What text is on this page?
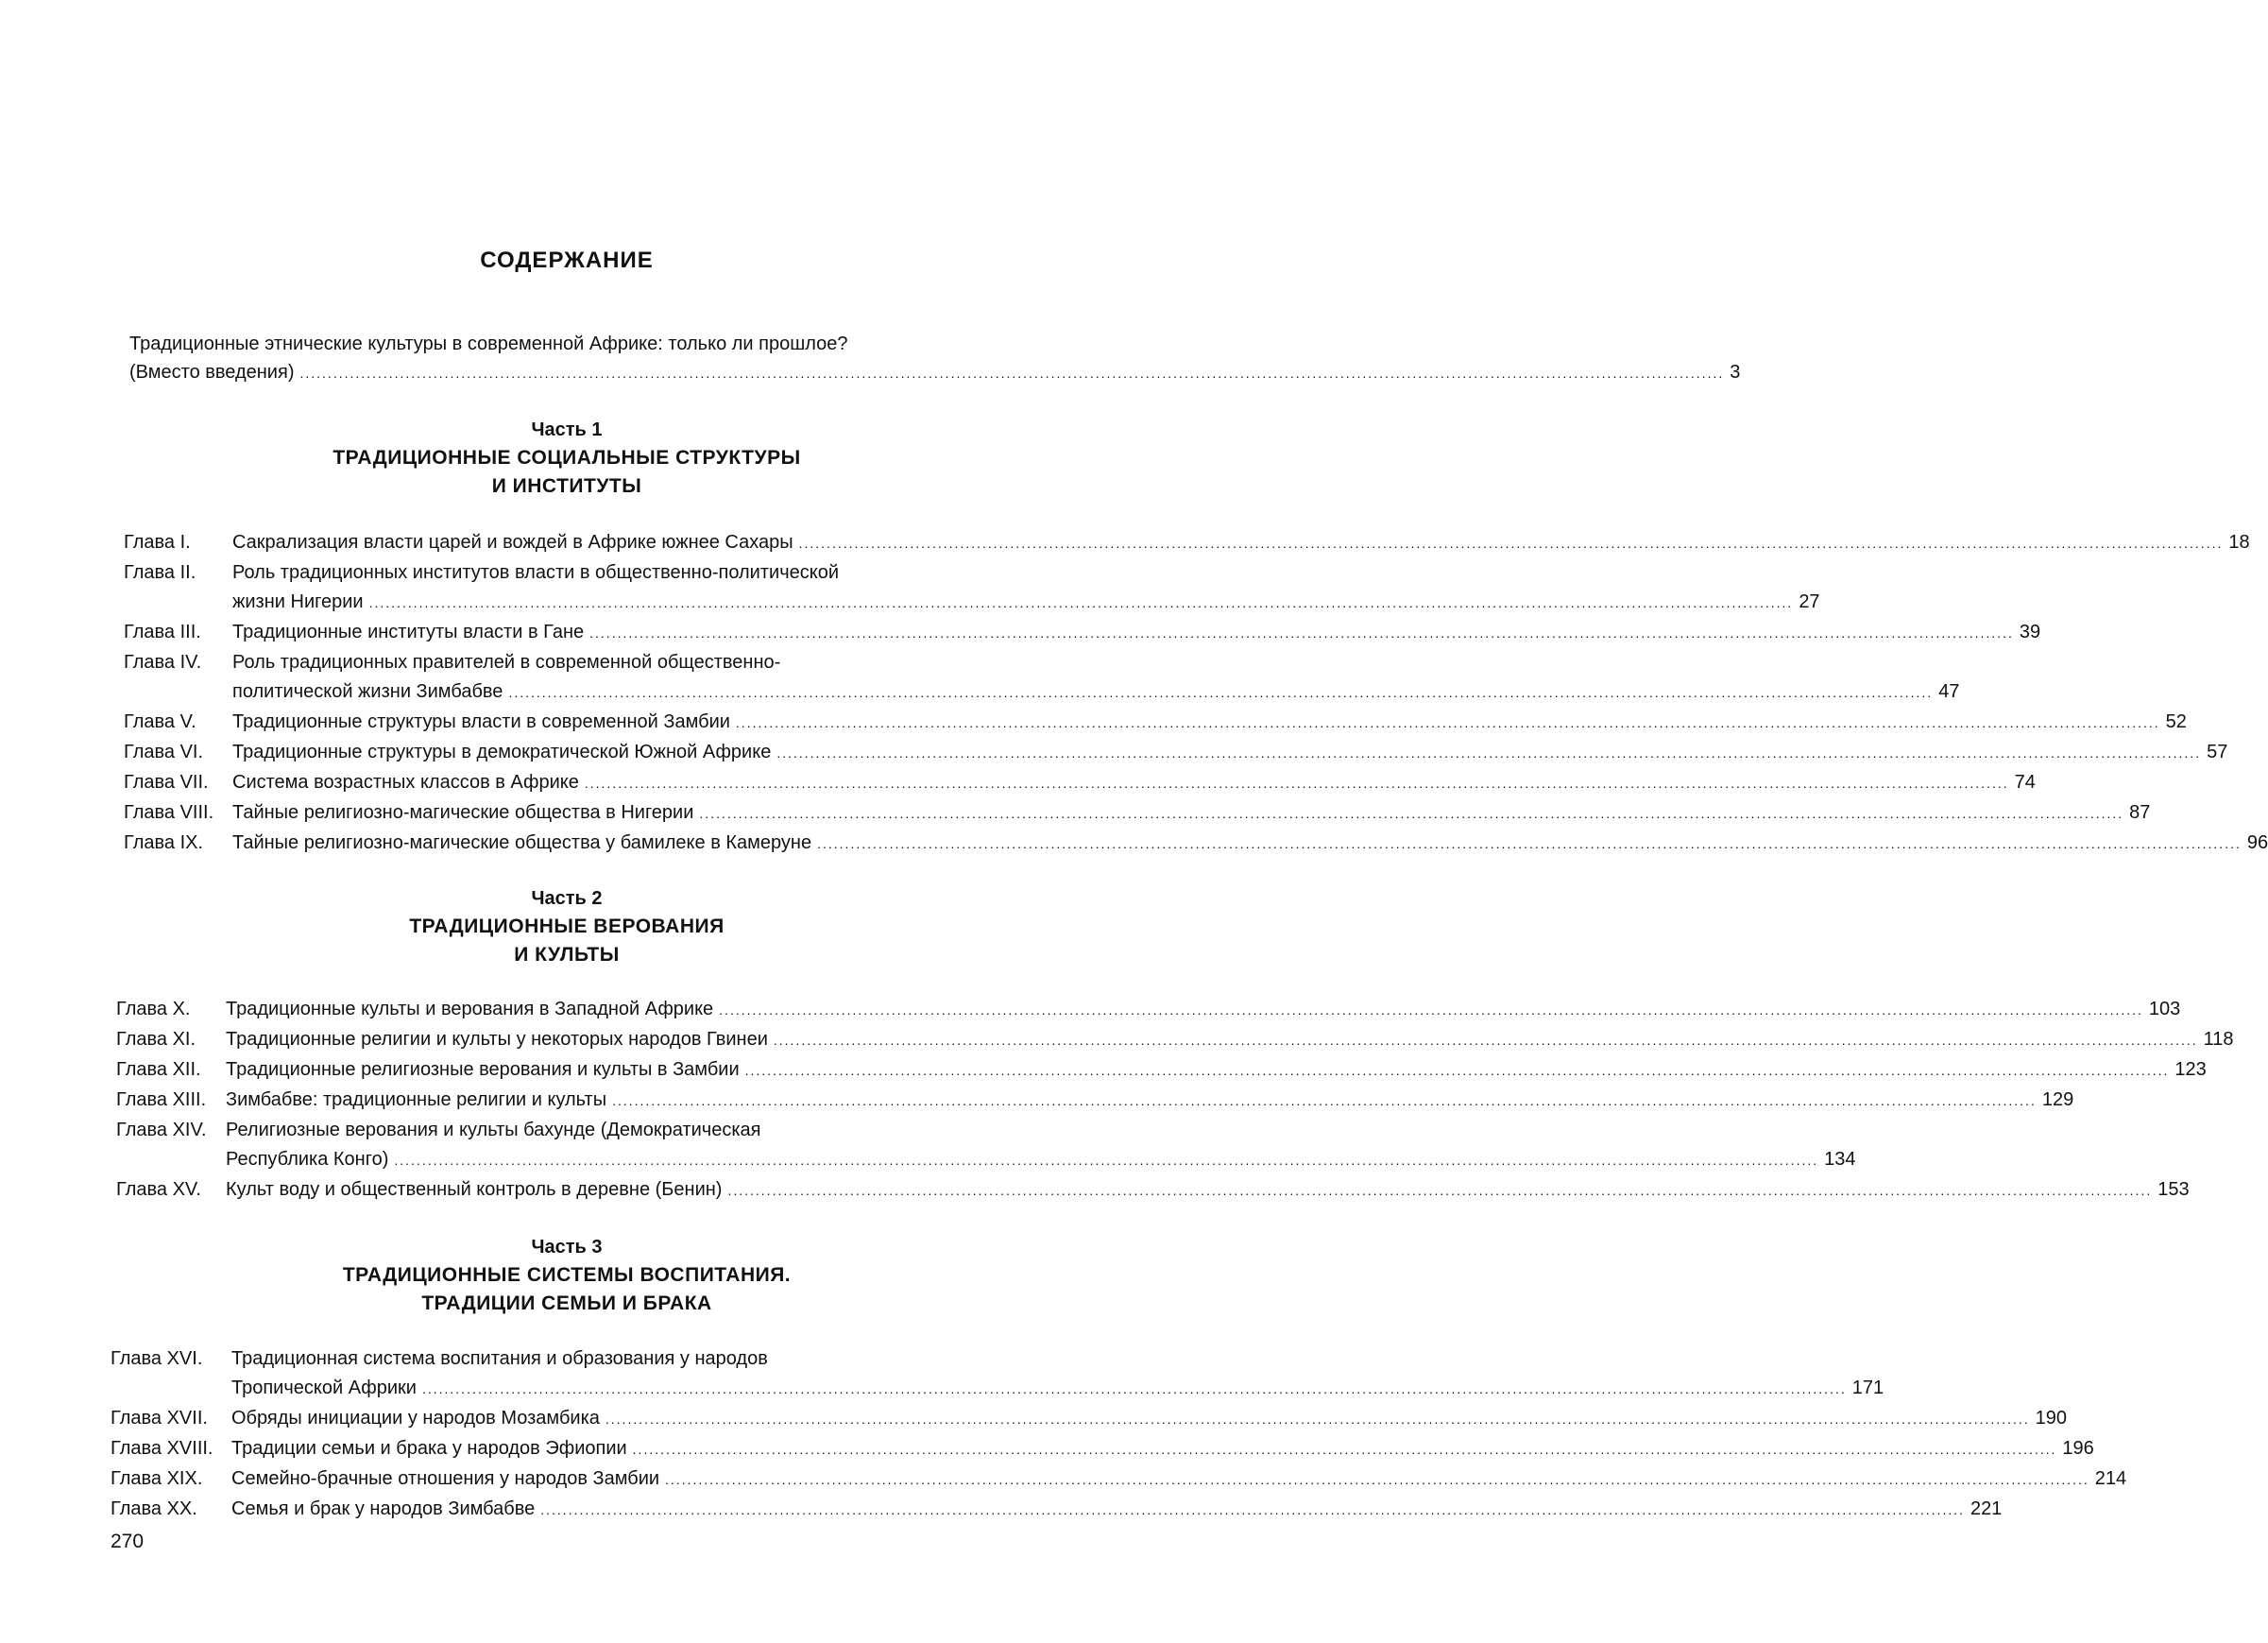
СОДЕРЖАНИЕ
Традиционные этнические культуры в современной Африке: только ли прошлое?
(Вместо введения) .....	3
Часть 1
ТРАДИЦИОННЫЕ СОЦИАЛЬНЫЕ СТРУКТУРЫ
И ИНСТИТУТЫ
Глава I.	Сакрализация власти царей и вождей в Африке южнее Сахары .....	18
Глава II.	Роль традиционных институтов власти в общественно-политической
жизни Нигерии .....	27
Глава III.	Традиционные институты власти в Гане .....	39
Глава IV.	Роль традиционных правителей в современной общественно-
политической жизни Зимбабве .....	47
Глава V.	Традиционные структуры власти в современной Замбии .....	52
Глава VI.	Традиционные структуры в демократической Южной Африке .....	57
Глава VII.	Система возрастных классов в Африке .....	74
Глава VIII. Тайные религиозно-магические общества в Нигерии .....	87
Глава IX.	Тайные религиозно-магические общества у бамилеке в Камеруне .....	96
Часть 2
ТРАДИЦИОННЫЕ ВЕРОВАНИЯ
И КУЛЬТЫ
Глава X.	Традиционные культы и верования в Западной Африке .....	103
Глава XI.	Традиционные религии и культы у некоторых народов Гвинеи .....	118
Глава XII.	Традиционные религиозные верования и культы в Замбии .....	123
Глава XIII.	Зимбабве: традиционные религии и культы .....	129
Глава XIV.	Религиозные верования и культы бахунде (Демократическая
Республика Конго) .....	134
Глава XV.	Культ воду и общественный контроль в деревне (Бенин) .....	153
Часть 3
ТРАДИЦИОННЫЕ СИСТЕМЫ ВОСПИТАНИЯ.
ТРАДИЦИИ СЕМЬИ И БРАКА
Глава XVI.	Традиционная система воспитания и образования у народов
Тропической Африки .....	171
Глава XVII.	Обряды инициации у народов Мозамбика .....	190
Глава XVIII. Традиции семьи и брака у народов Эфиопии .....	196
Глава XIX.	Семейно-брачные отношения у народов Замбии .....	214
Глава XX.	Семья и брак у народов Зимбабве .....	221
270
